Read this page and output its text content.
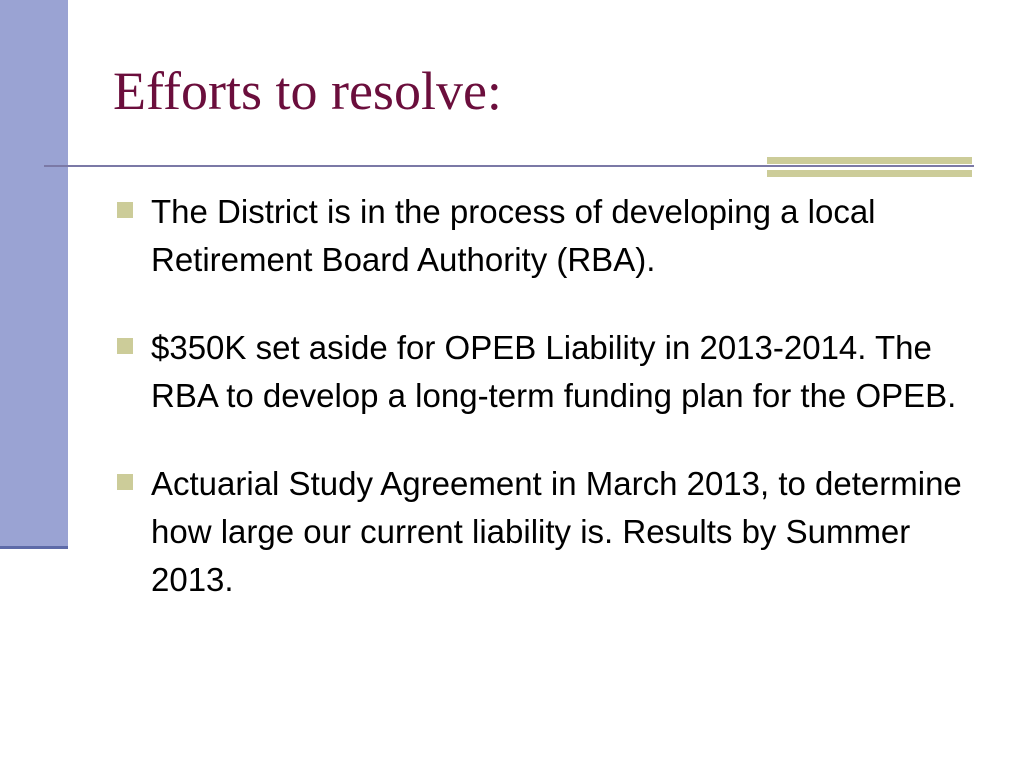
Efforts to resolve:
The District is in the process of developing a local Retirement Board Authority (RBA).
$350K set aside for OPEB Liability in 2013-2014. The RBA to develop a long-term funding plan for the OPEB.
Actuarial Study Agreement in March 2013, to determine how large our current liability is. Results by Summer 2013.
